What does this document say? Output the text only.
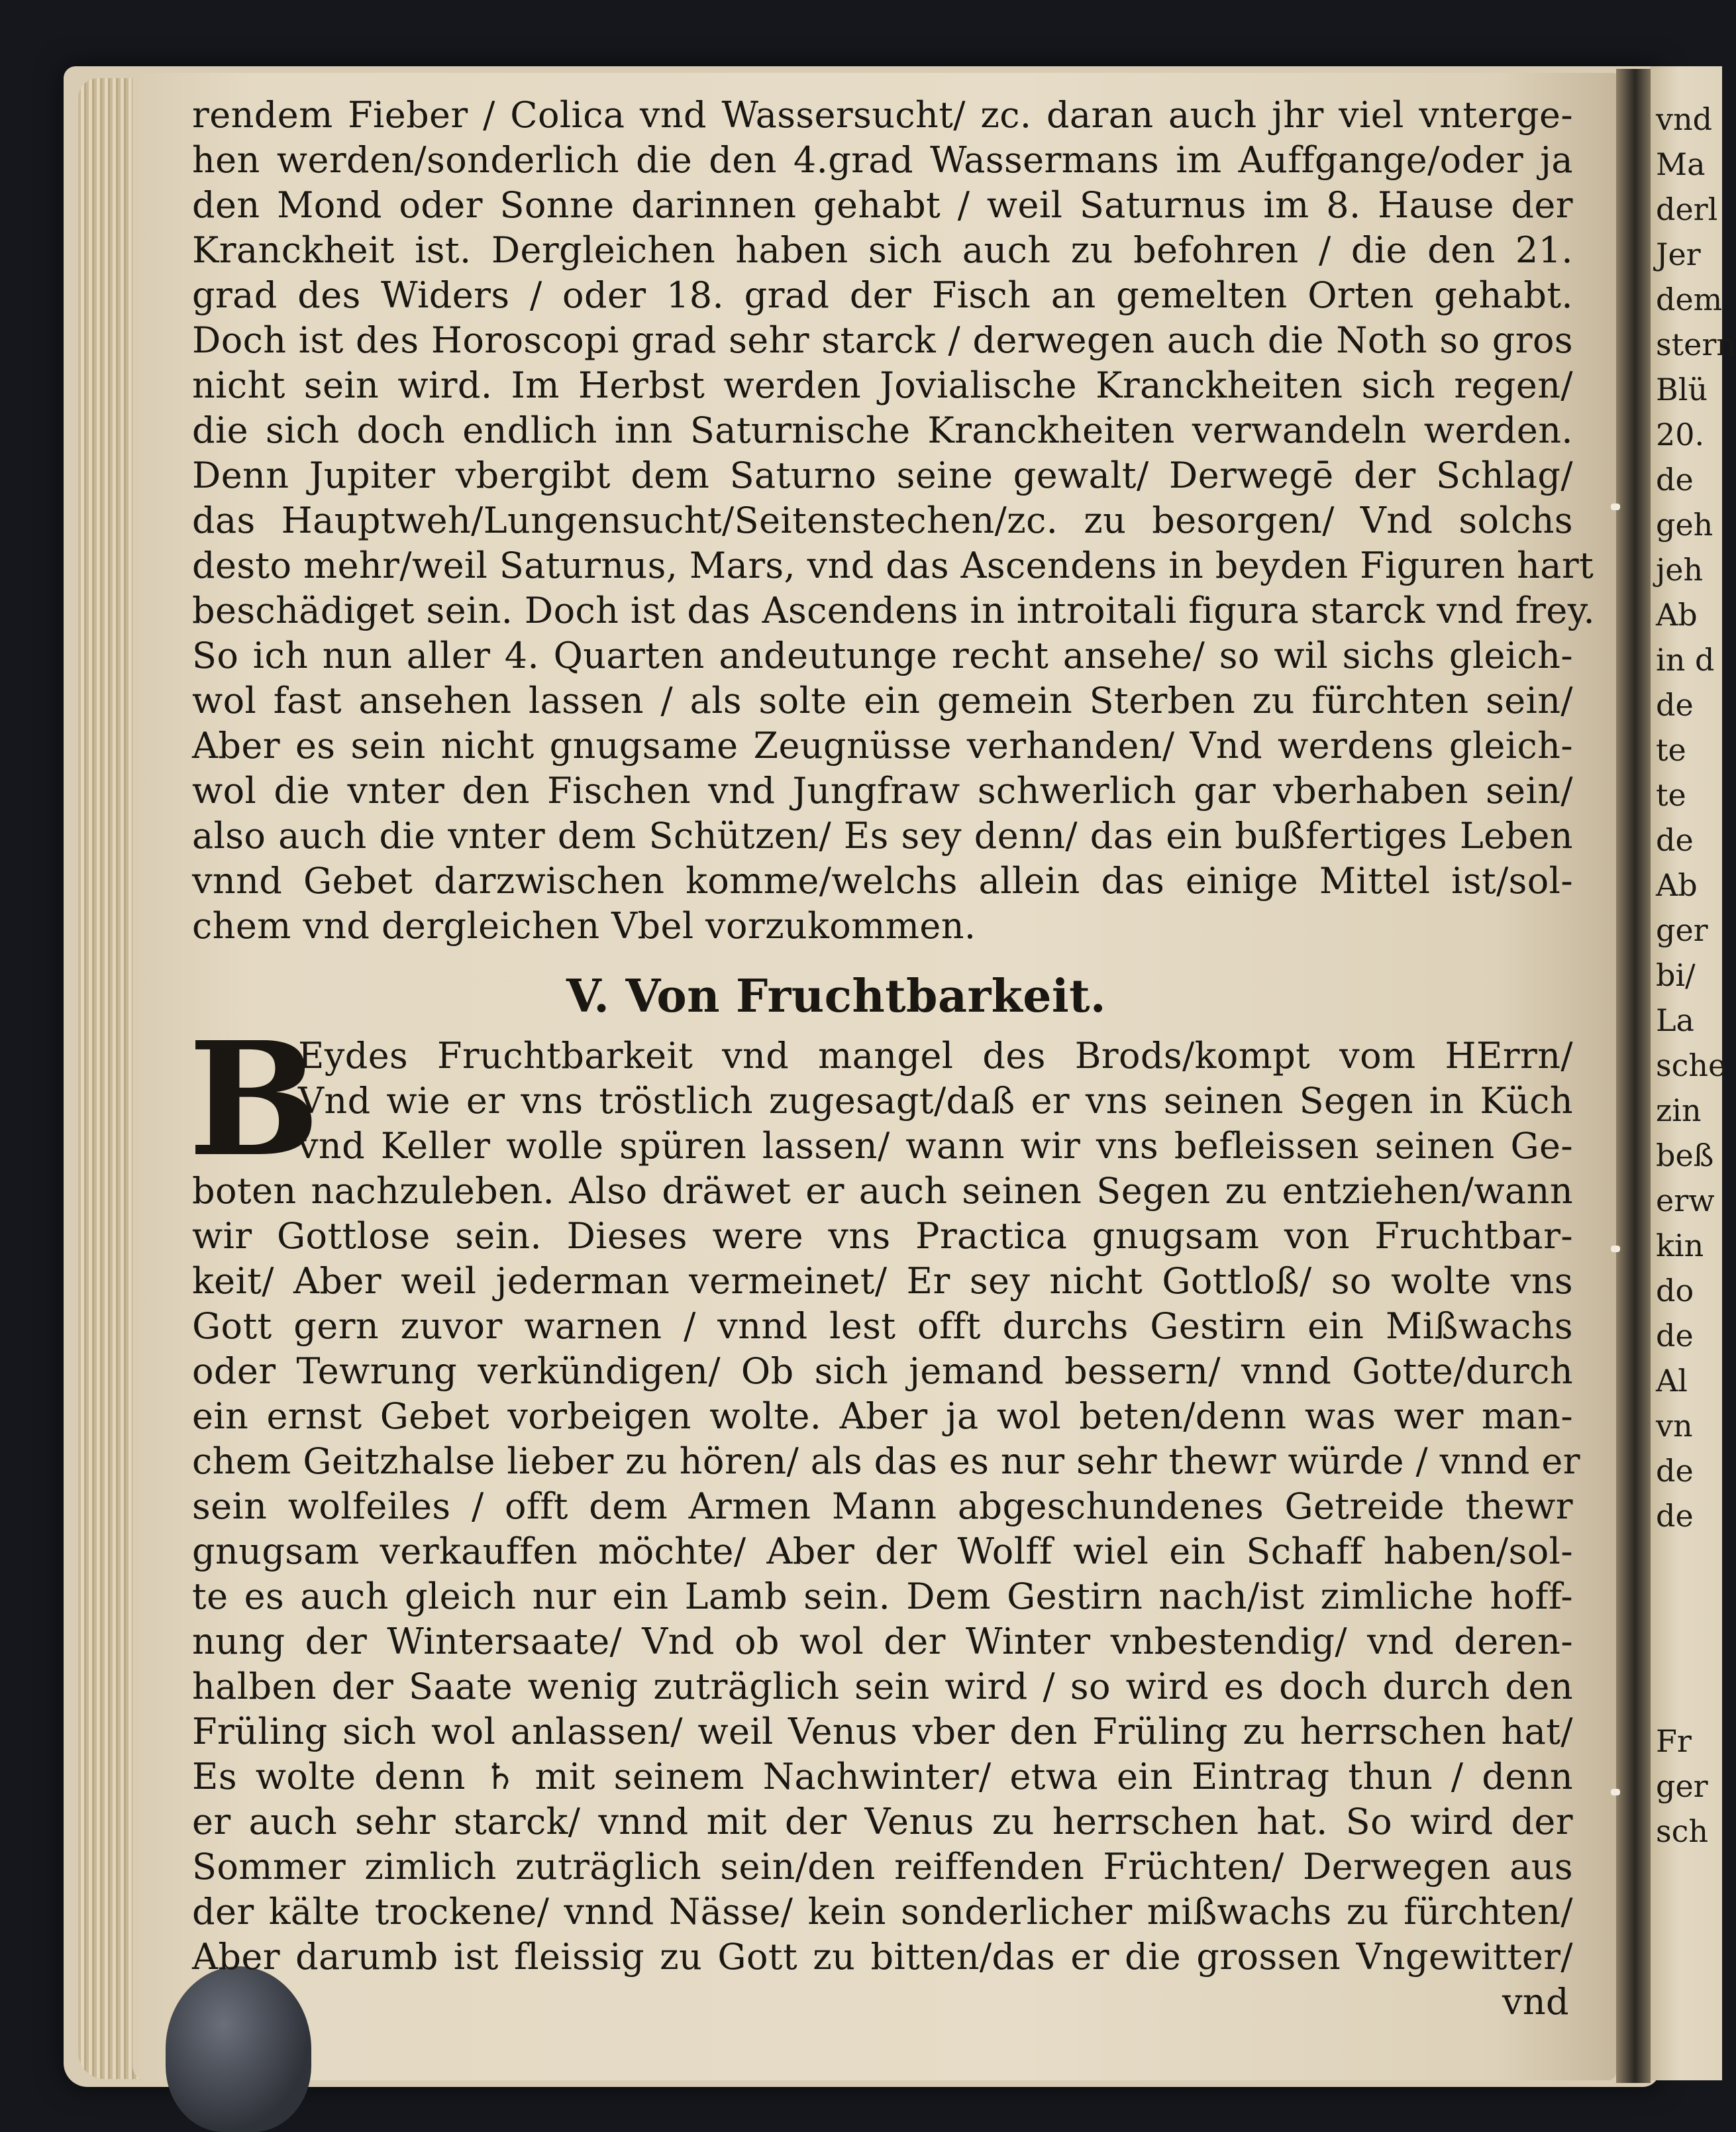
rendem Fieber / Colica vnd Wassersucht/ zc. daran auch jhr viel vnterge-
hen werden/sonderlich die den 4.grad Wassermans im Auffgange/oder ja
den Mond oder Sonne darinnen gehabt / weil Saturnus im 8. Hause der
Kranckheit ist. Dergleichen haben sich auch zu befohren / die den 21.
grad des Widers / oder 18. grad der Fisch an gemelten Orten gehabt.
Doch ist des Horoscopi grad sehr starck / derwegen auch die Noth so gros
nicht sein wird. Im Herbst werden Jovialische Kranckheiten sich regen/
die sich doch endlich inn Saturnische Kranckheiten verwandeln werden.
Denn Jupiter vbergibt dem Saturno seine gewalt/ Derwegē der Schlag/
das Hauptweh/Lungensucht/Seitenstechen/zc. zu besorgen/ Vnd solchs
desto mehr/weil Saturnus, Mars, vnd das Ascendens in beyden Figuren hart
beschädiget sein. Doch ist das Ascendens in introitali figura starck vnd frey.
So ich nun aller 4. Quarten andeutunge recht ansehe/ so wil sichs gleich-
wol fast ansehen lassen / als solte ein gemein Sterben zu fürchten sein/
Aber es sein nicht gnugsame Zeugnüsse verhanden/ Vnd werdens gleich-
wol die vnter den Fischen vnd Jungfraw schwerlich gar vberhaben sein/
also auch die vnter dem Schützen/ Es sey denn/ das ein bußfertiges Leben
vnnd Gebet darzwischen komme/welchs allein das einige Mittel ist/sol-
chem vnd dergleichen Vbel vorzukommen.
V. Von Fruchtbarkeit.
B
Eydes Fruchtbarkeit vnd mangel des Brods/kompt vom HErrn/
Vnd wie er vns tröstlich zugesagt/daß er vns seinen Segen in Küch
vnd Keller wolle spüren lassen/ wann wir vns befleissen seinen Ge-
boten nachzuleben. Also dräwet er auch seinen Segen zu entziehen/wann
wir Gottlose sein. Dieses were vns Practica gnugsam von Fruchtbar-
keit/ Aber weil jederman vermeinet/ Er sey nicht Gottloß/ so wolte vns
Gott gern zuvor warnen / vnnd lest offt durchs Gestirn ein Mißwachs
oder Tewrung verkündigen/ Ob sich jemand bessern/ vnnd Gotte/durch
ein ernst Gebet vorbeigen wolte. Aber ja wol beten/denn was wer man-
chem Geitzhalse lieber zu hören/ als das es nur sehr thewr würde / vnnd er
sein wolfeiles / offt dem Armen Mann abgeschundenes Getreide thewr
gnugsam verkauffen möchte/ Aber der Wolff wiel ein Schaff haben/sol-
te es auch gleich nur ein Lamb sein. Dem Gestirn nach/ist zimliche hoff-
nung der Wintersaate/ Vnd ob wol der Winter vnbestendig/ vnd deren-
halben der Saate wenig zuträglich sein wird / so wird es doch durch den
Früling sich wol anlassen/ weil Venus vber den Früling zu herrschen hat/
Es wolte denn ♄ mit seinem Nachwinter/ etwa ein Eintrag thun / denn
er auch sehr starck/ vnnd mit der Venus zu herrschen hat. So wird der
Sommer zimlich zuträglich sein/den reiffenden Früchten/ Derwegen aus
der kälte trockene/ vnnd Nässe/ kein sonderlicher mißwachs zu fürchten/
Aber darumb ist fleissig zu Gott zu bitten/das er die grossen Vngewitter/
vnd
vnd
Ma
derl
Jer
dem
stern
Blü
20.
de
geh
jeh
Ab
in d
de
te
te
de
Ab
ger
bi/
La
sche
zin
beß
erw
kin
do
de
Al
vn
de
de
Fr
ger
sch
